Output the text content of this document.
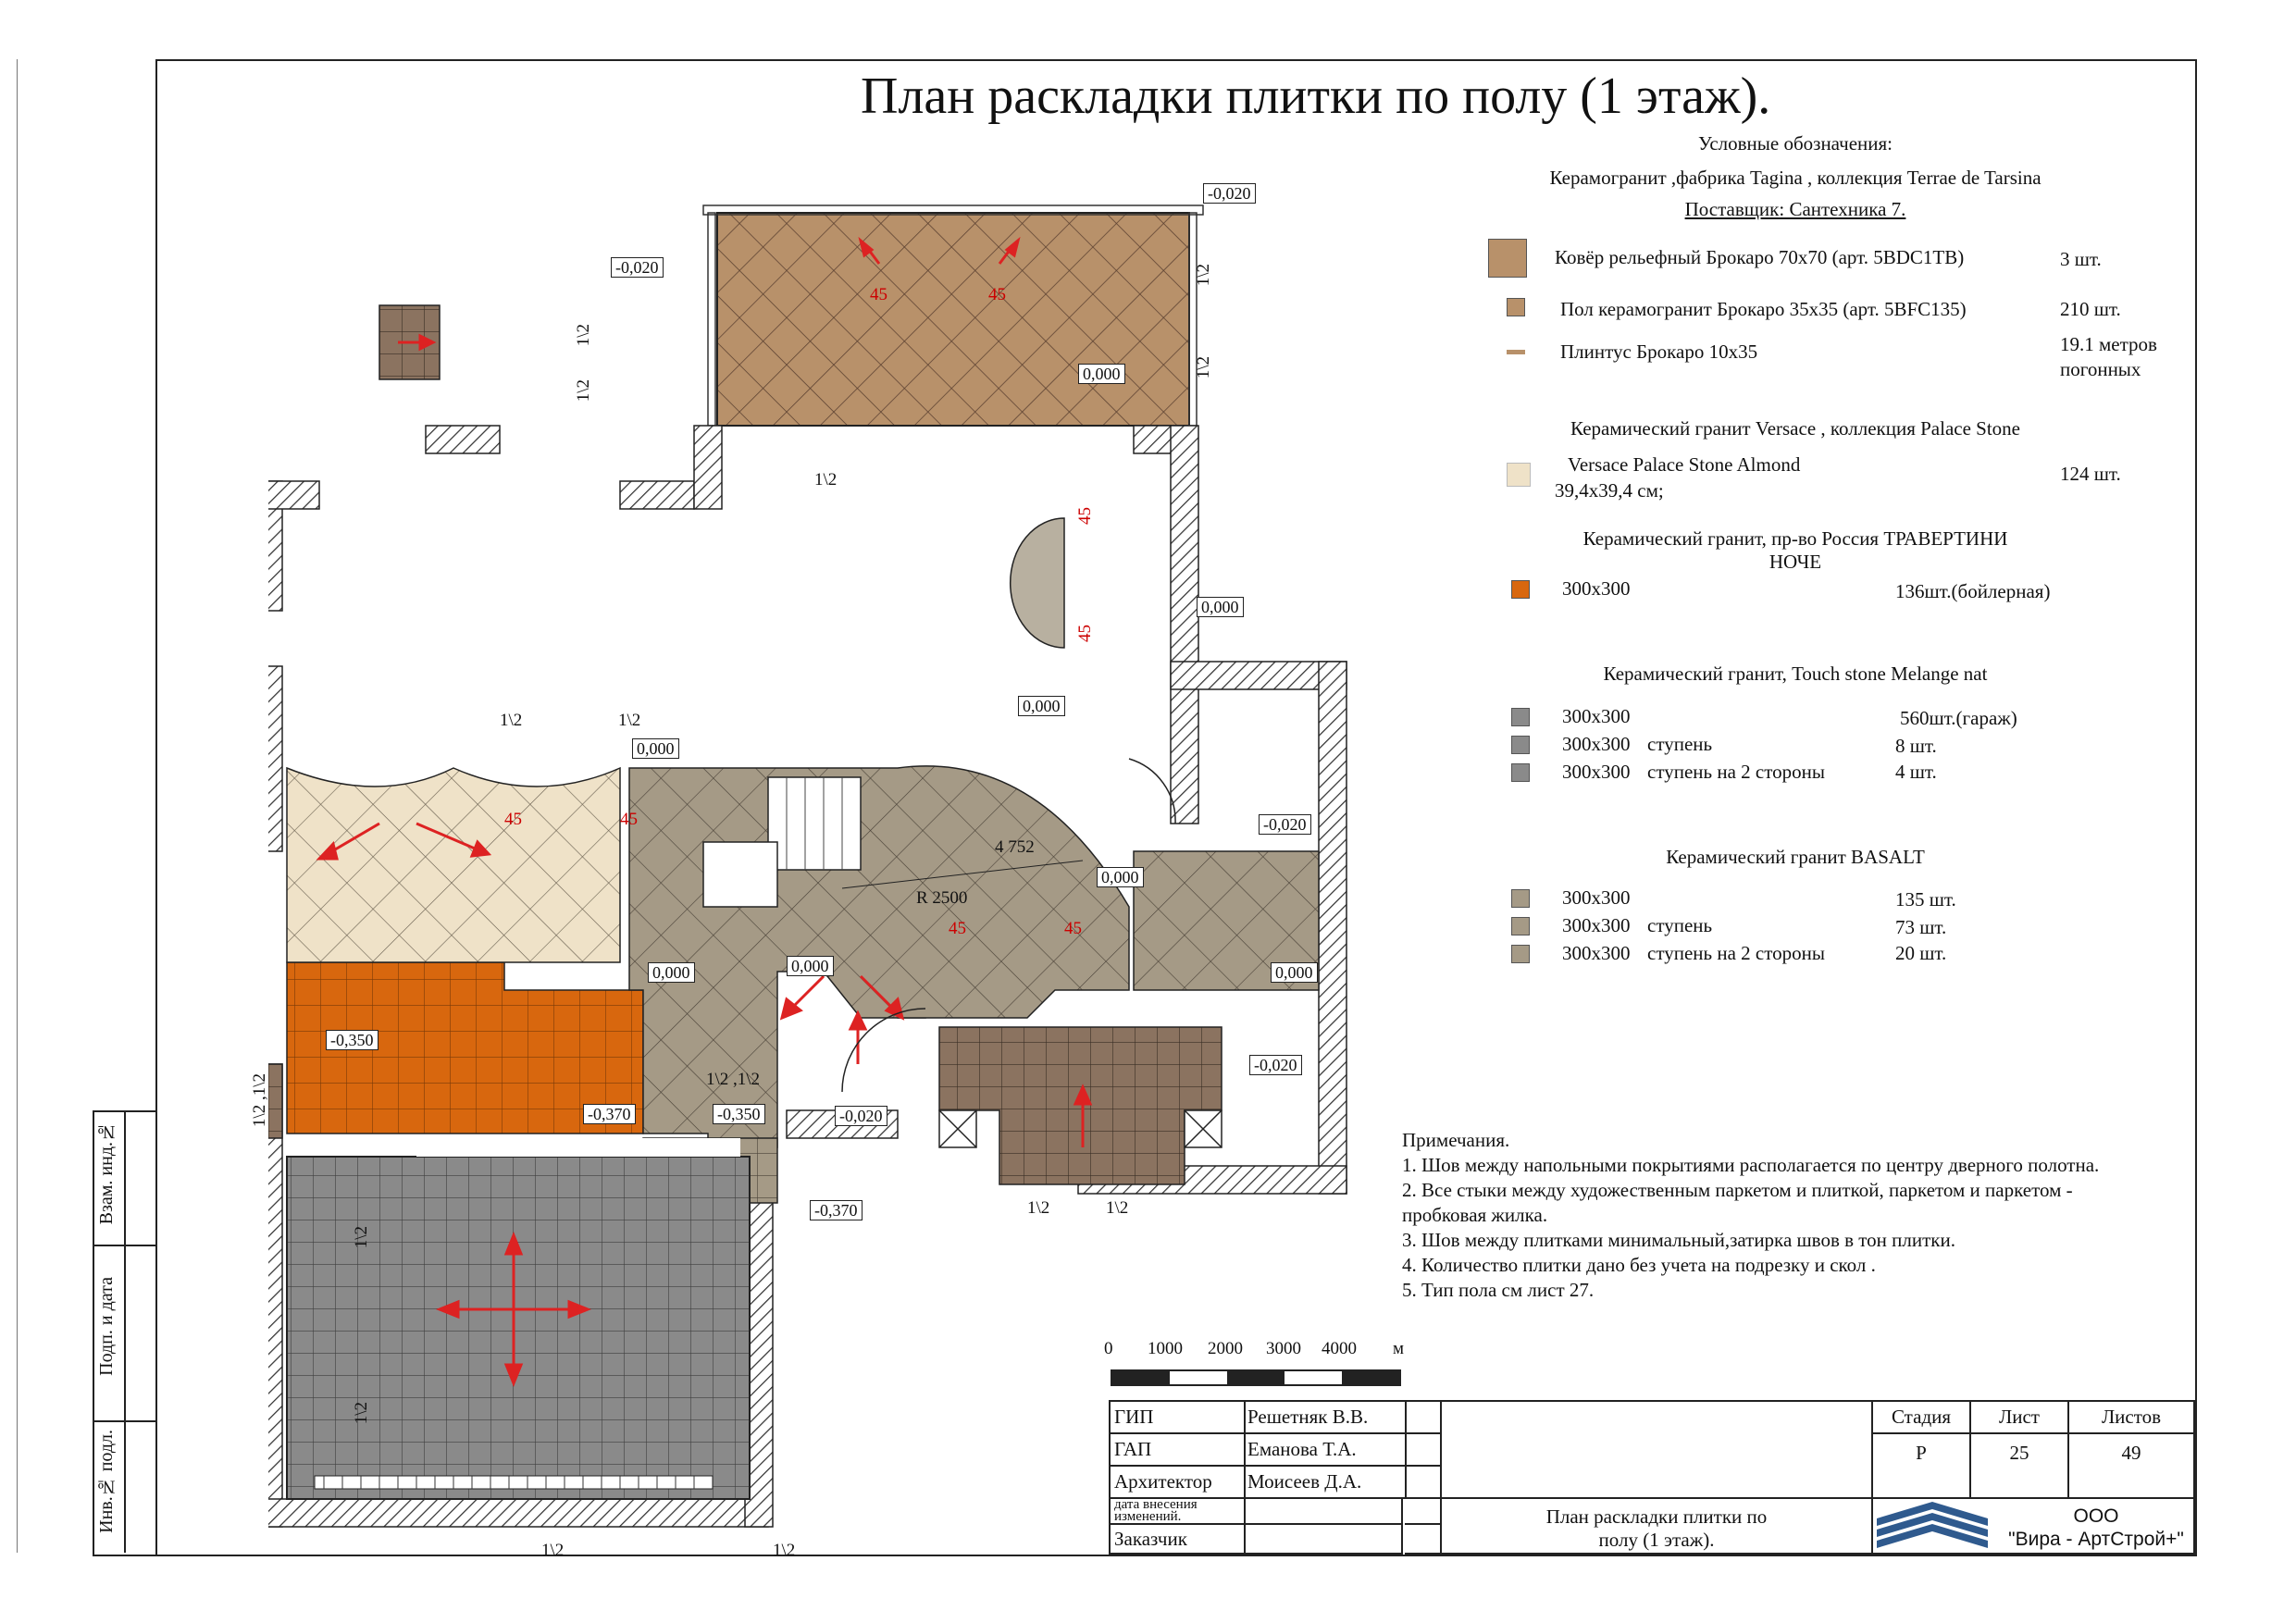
Взам. инд.№
Подп. и дата
Инв.№ подл.
План раскладки плитки по полу (1 этаж).
-0,020
-0,020
0,000
0,000
0,000
0,000
-0,020
0,000
0,000	0,000	0,000
-0,350
-0,370	-0,350	-0,020
-0,020
-0,370
1\2
1\2	1\2
1\2	1\2
1\2	1\2
1\2 ,1\2
1\2
1\2
1\2
1\2
1\2
1\2
1\2 ,1\2
45	45
45	45
45	45
45
45
R 2500
4 752
Условные обозначения:
Керамогранит ,фабрика Tagina , коллекция Terrae de Tarsina
Поставщик: Сантехника 7.
Ковёр рельефный Брокаро 70х70 (арт. 5BDC1TB)	3 шт.
Пол керамогранит Брокаро 35х35 (арт. 5BFC135)	210 шт.
Плинтус Брокаро 10х35	19.1 метров
погонных
Керамический гранит Versace , коллекция Palace Stone
Versace Palace Stone Almond
39,4х39,4 см;
124 шт.
Керамический гранит, пр-во Россия ТРАВЕРТИНИ
НОЧЕ
300х300	136шт.(бойлерная)
Керамический гранит, Touch stone Melange nat
300х300	560шт.(гараж)
300х300 ступень	8 шт.
300х300 ступень на 2 стороны	4 шт.
Керамический гранит BASALT
300х300	135 шт.
300х300 ступень	73 шт.
300х300 ступень на 2 стороны	20 шт.
Примечания.
1. Шов между напольными покрытиями располагается по центру дверного полотна.
2. Все стыки между художественным паркетом и плиткой, паркетом и паркетом -
пробковая жилка.
3. Шов между плитками минимальный,затирка швов в тон плитки.
4. Количество плитки дано без учета на подрезку и скол .
5. Тип пола см лист 27.
0 1000 2000 3000 4000 м
ГИП	Решетняк В.В.
ГАП	Еманова Т.А.
Архитектор	Моисеев Д.А.
дата внесения изменений.
Заказчик
План раскладки плитки по
полу (1 этаж).
Стадия	Лист	Листов
Р	25	49
ООО
"Вира - АртСтрой+"
